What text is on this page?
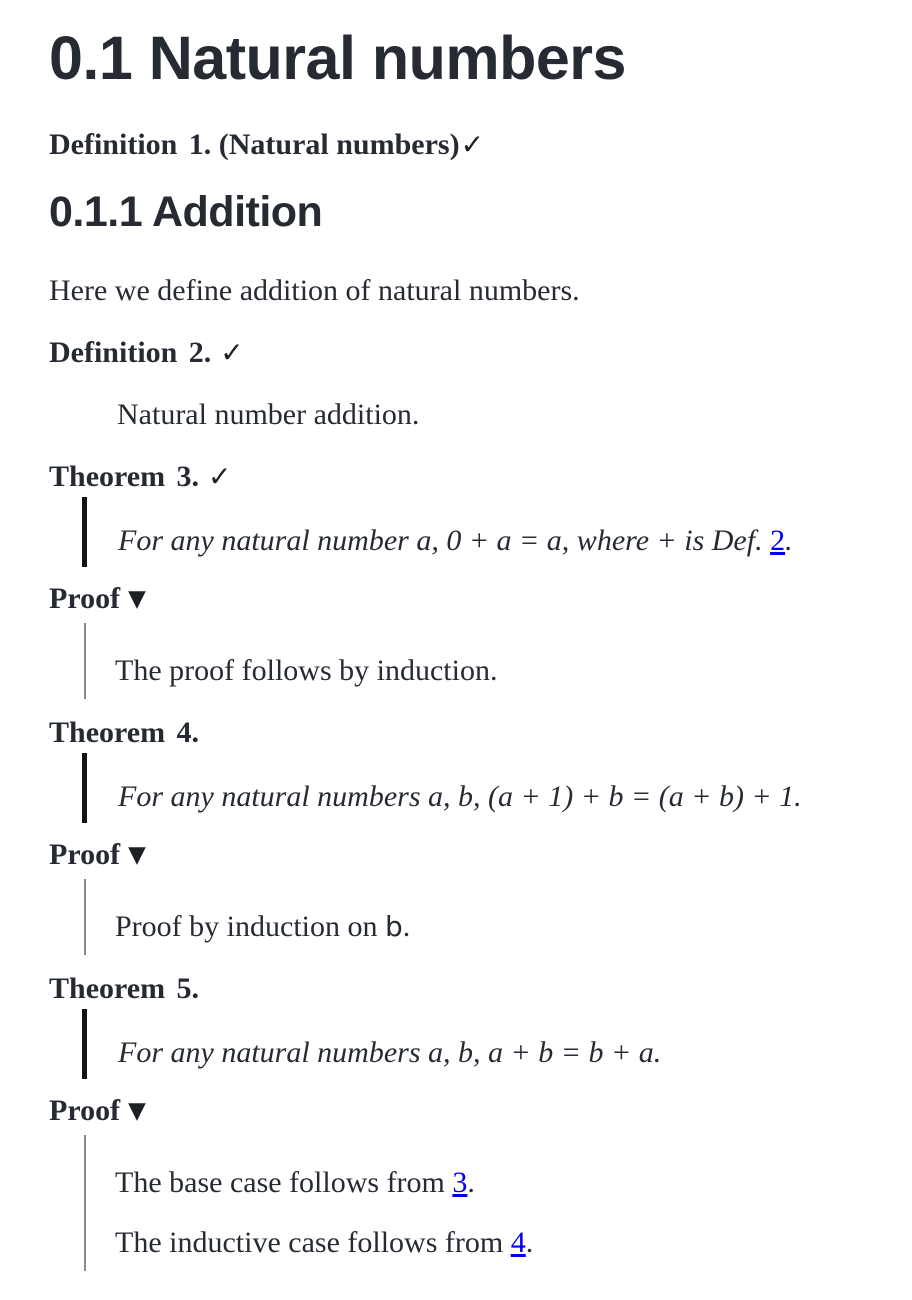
0.1 Natural numbers

Definition 1. (Natural numbers)✓

0.1.1 Addition

Here we define addition of natural numbers.

Definition 2. ✓

Natural number addition.

Theorem 3. ✓

For any natural number a, 0 + a = a, where + is Def. 2.

Proof ▼

The proof follows by induction.

Theorem 4.

For any natural numbers a, b, (a + 1) + b = (a + b) + 1.

Proof ▼

Proof by induction on b.

Theorem 5.

For any natural numbers a, b, a + b = b + a.

Proof ▼

The base case follows from 3.

The inductive case follows from 4.
